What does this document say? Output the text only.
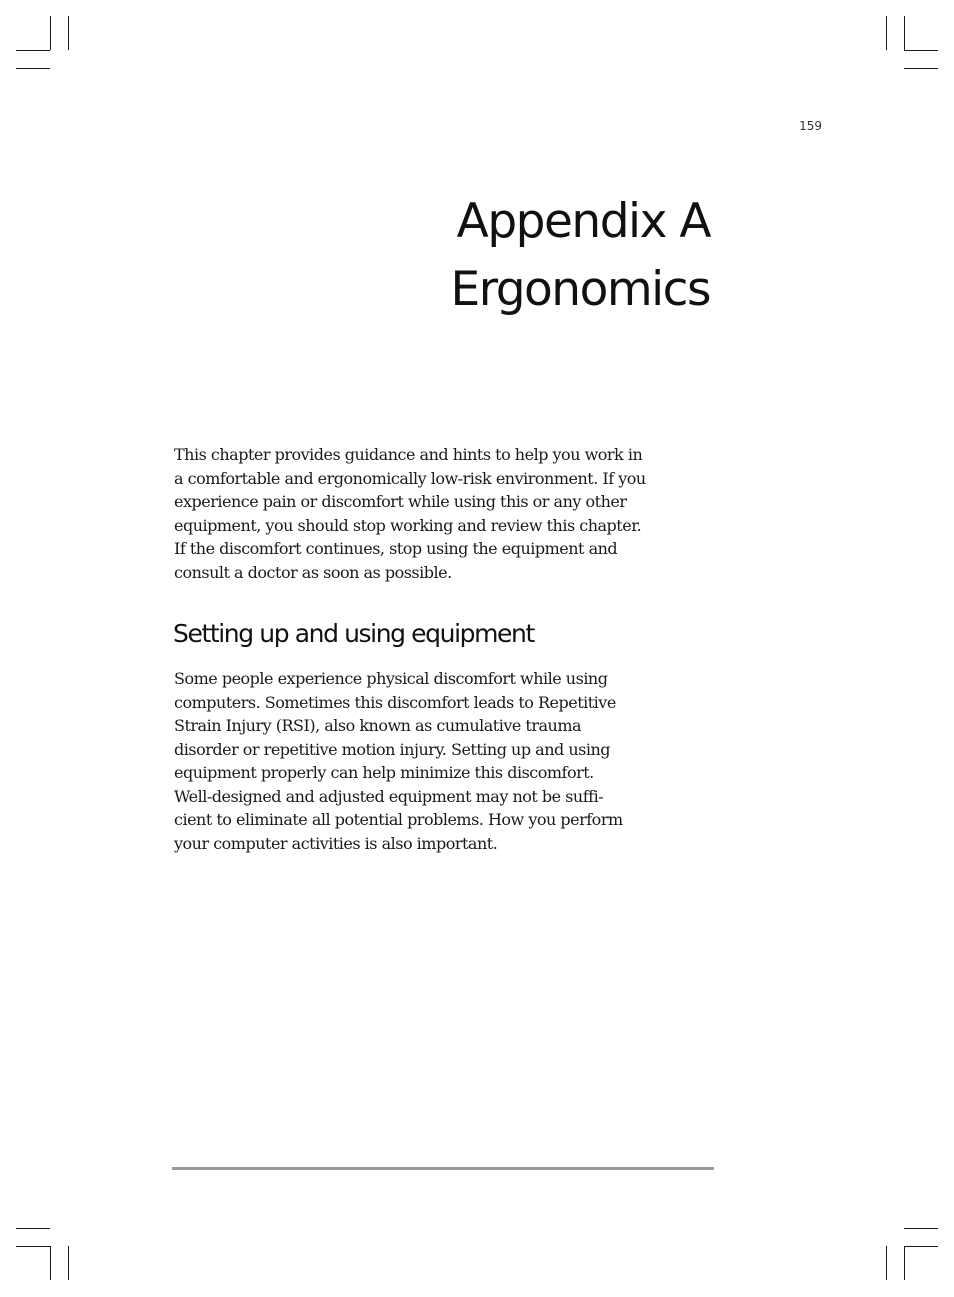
159
Appendix A
Ergonomics

This chapter provides guidance and hints to help you work in
a comfortable and ergonomically low-risk environment. If you
experience pain or discomfort while using this or any other
equipment, you should stop working and review this chapter.
If the discomfort continues, stop using the equipment and
consult a doctor as soon as possible.

Setting up and using equipment

Some people experience physical discomfort while using
computers. Sometimes this discomfort leads to Repetitive
Strain Injury (RSI), also known as cumulative trauma
disorder or repetitive motion injury. Setting up and using
equipment properly can help minimize this discomfort.
Well-designed and adjusted equipment may not be suffi-
cient to eliminate all potential problems. How you perform
your computer activities is also important.
